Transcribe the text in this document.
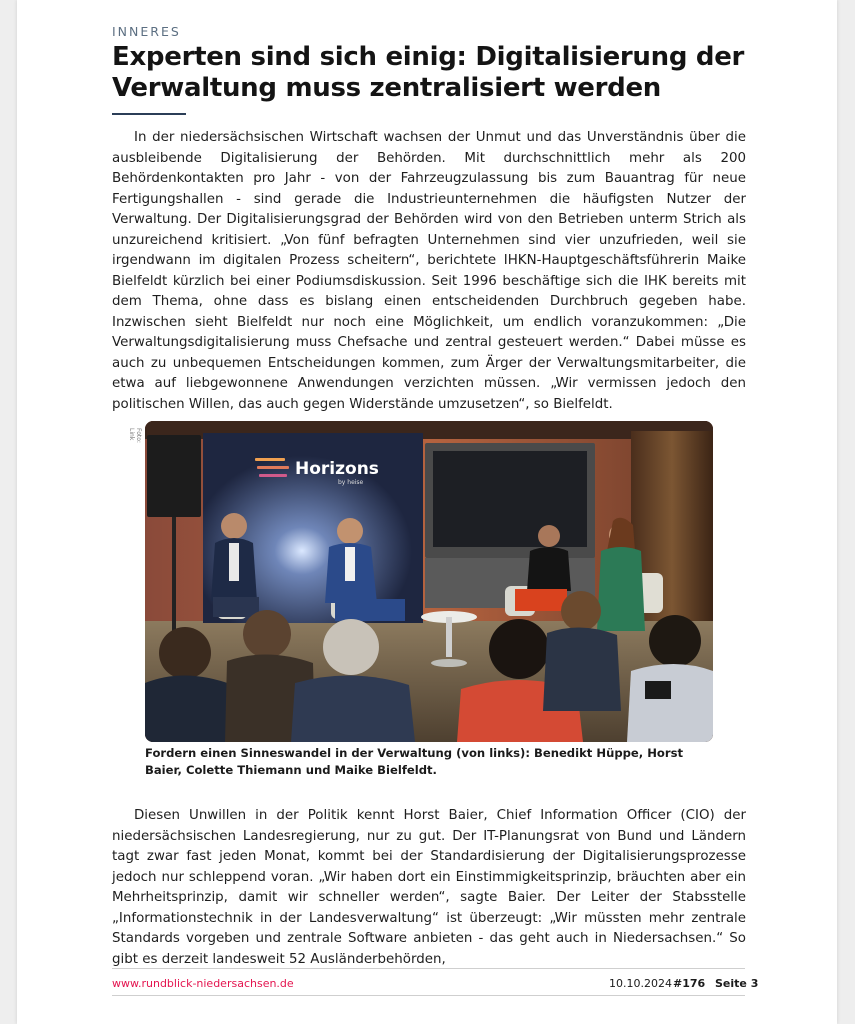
INNERES
Experten sind sich einig: Digitalisierung der Verwaltung muss zentralisiert werden

In der niedersächsischen Wirtschaft wachsen der Unmut und das Unverständnis über die ausbleibende Digitalisierung der Behörden. Mit durchschnittlich mehr als 200 Behördenkontakten pro Jahr - von der Fahrzeugzulassung bis zum Bauantrag für neue Fertigungshallen - sind gerade die Industrieunternehmen die häufigsten Nutzer der Verwaltung. Der Digitalisierungsgrad der Behörden wird von den Betrieben unterm Strich als unzureichend kritisiert. „Von fünf befragten Unternehmen sind vier unzufrieden, weil sie irgendwann im digitalen Prozess scheitern“, berichtete IHKN-Hauptgeschäftsführerin Maike Bielfeldt kürzlich bei einer Podiumsdiskussion. Seit 1996 beschäftige sich die IHK bereits mit dem Thema, ohne dass es bislang einen entscheidenden Durchbruch gegeben habe. Inzwischen sieht Bielfeldt nur noch eine Möglichkeit, um endlich voranzukommen: „Die Verwaltungsdigitalisierung muss Chefsache und zentral gesteuert werden.“ Dabei müsse es auch zu unbequemen Entscheidungen kommen, zum Ärger der Verwaltungsmitarbeiter, die etwa auf liebgewonnene Anwendungen verzichten müssen. „Wir vermissen jedoch den politischen Willen, das auch gegen Widerstände umzusetzen“, so Bielfeldt.

Foto: Link
Horizons
by heise

Fordern einen Sinneswandel in der Verwaltung (von links): Benedikt Hüppe, Horst Baier, Colette Thiemann und Maike Bielfeldt.

Diesen Unwillen in der Politik kennt Horst Baier, Chief Information Officer (CIO) der niedersächsischen Landesregierung, nur zu gut. Der IT-Planungsrat von Bund und Ländern tagt zwar fast jeden Monat, kommt bei der Standardisierung der Digitalisierungsprozesse jedoch nur schleppend voran. „Wir haben dort ein Einstimmigkeitsprinzip, bräuchten aber ein Mehrheitsprinzip, damit wir schneller werden“, sagte Baier. Der Leiter der Stabsstelle „Informationstechnik in der Landesverwaltung“ ist überzeugt: „Wir müssten mehr zentrale Standards vorgeben und zentrale Software anbieten - das geht auch in Niedersachsen.“ So gibt es derzeit landesweit 52 Ausländerbehörden,

www.rundblick-niedersachsen.de	10.10.2024 #176 Seite 3
